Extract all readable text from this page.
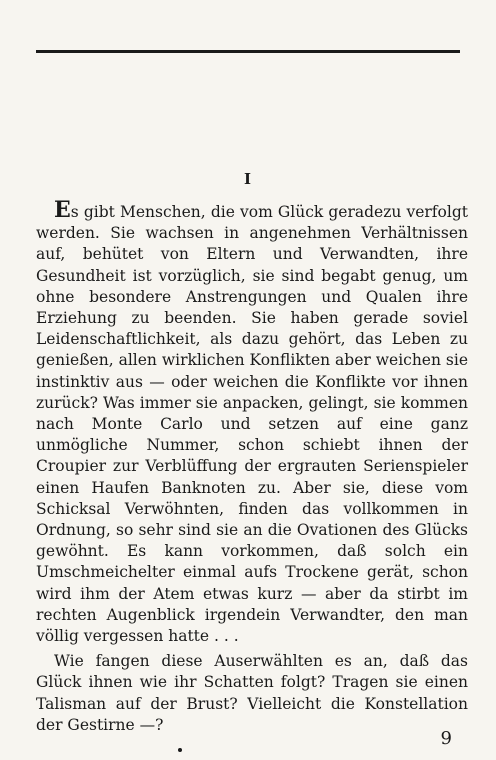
I

Es gibt Menschen, die vom Glück geradezu verfolgt werden. Sie wachsen in angenehmen Verhältnissen auf, behütet von Eltern und Verwandten, ihre Gesundheit ist vorzüglich, sie sind begabt genug, um ohne besondere Anstrengungen und Qualen ihre Erziehung zu beenden. Sie haben gerade soviel Leidenschaftlichkeit, als dazu gehört, das Leben zu genießen, allen wirklichen Konflikten aber weichen sie instinktiv aus — oder weichen die Konflikte vor ihnen zurück? Was immer sie anpacken, gelingt, sie kommen nach Monte Carlo und setzen auf eine ganz unmögliche Nummer, schon schiebt ihnen der Croupier zur Verblüffung der ergrauten Serienspieler einen Haufen Banknoten zu. Aber sie, diese vom Schicksal Verwöhnten, finden das vollkommen in Ordnung, so sehr sind sie an die Ovationen des Glücks gewöhnt. Es kann vorkommen, daß solch ein Umschmeichelter einmal aufs Trockene gerät, schon wird ihm der Atem etwas kurz — aber da stirbt im rechten Augenblick irgendein Verwandter, den man völlig vergessen hatte . . .

Wie fangen diese Auserwählten es an, daß das Glück ihnen wie ihr Schatten folgt? Tragen sie einen Talisman auf der Brust? Vielleicht die Konstellation der Gestirne —?

9
